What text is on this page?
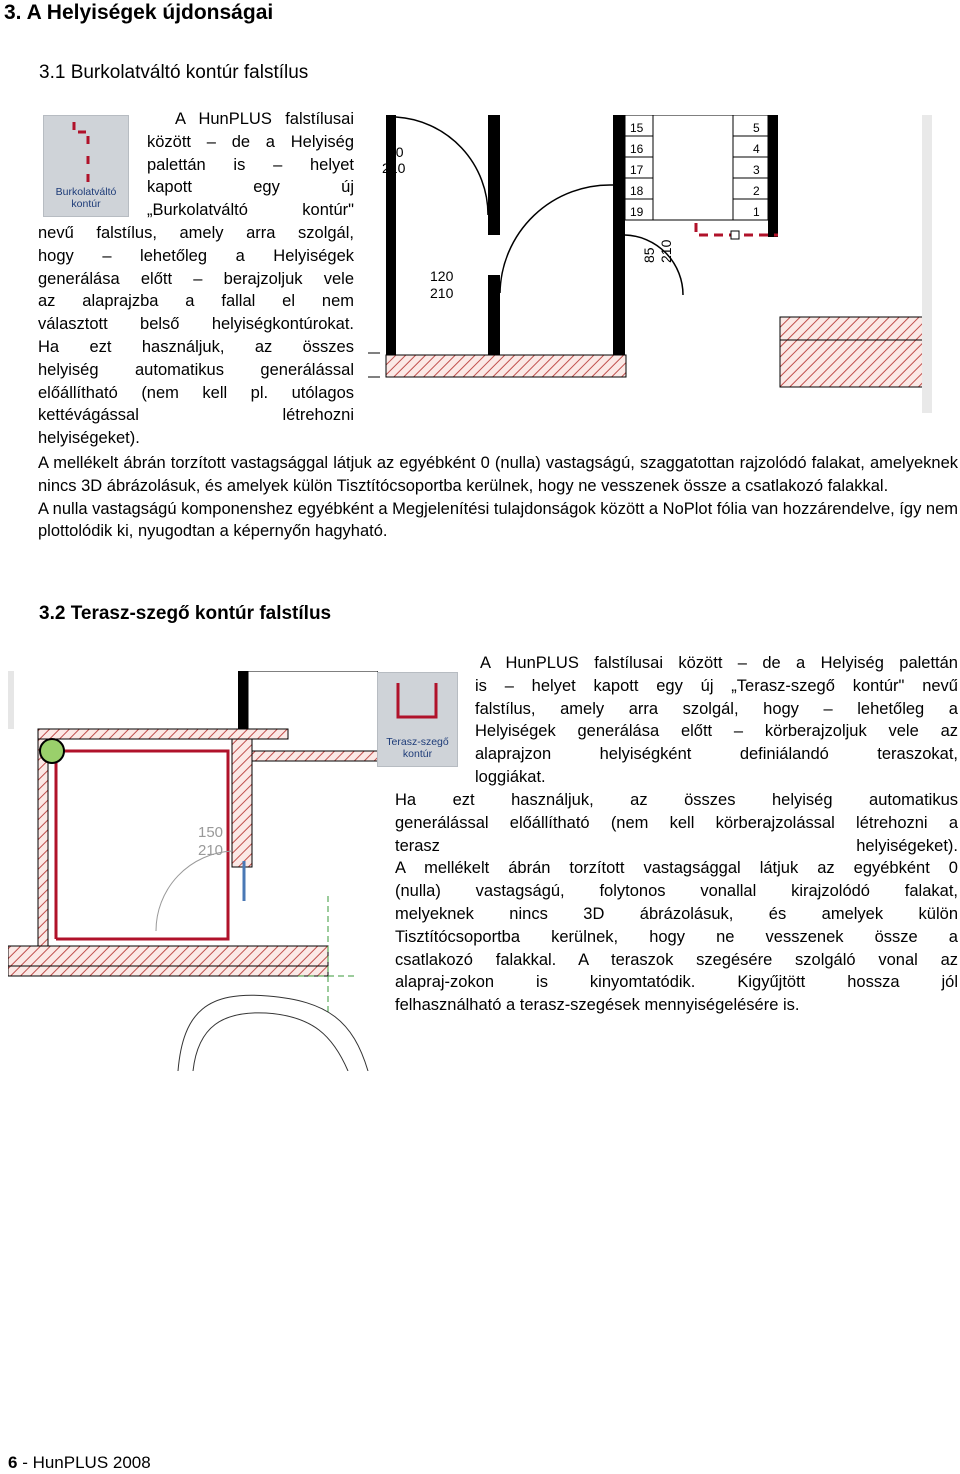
3. A Helyiségek újdonságai
3.1 Burkolatváltó kontúr falstílus
Burkolatváltó
kontúr
A HunPLUS falstílusai
között – de a Helyiség
palettán is – helyet
kapott egy új
„Burkolatváltó kontúr"
nevű falstílus, amely arra szolgál,
hogy – lehetőleg a Helyiségek
generálása előtt – berajzoljuk vele
az alaprajzba a fallal el nem
választott belső helyiségkontúrokat.
Ha ezt használjuk, az összes
helyiség automatikus generálással
előállítható (nem kell pl. utólagos
kettévágással létrehozni
helyiségeket).
15
16
17
18
19
5
4
3
2
1
90
210
120
210
85 210

A mellékelt ábrán torzított vastagsággal látjuk az egyébként 0 (nulla) vastagságú, szaggatottan rajzolódó falakat, amelyeknek nincs 3D ábrázolásuk, és amelyek külön Tisztítócsoportba kerülnek, hogy ne vesszenek össze a csatlakozó falakkal.

A nulla vastagságú komponenshez egyébként a Megjelenítési tulajdonságok között a NoPlot fólia van hozzárendelve, így nem plottolódik ki, nyugodtan a képernyőn hagyható.

3.2 Terasz-szegő kontúr falstílus
150
210
Terasz-szegő
kontúr
A HunPLUS falstílusai között – de a Helyiség palettán
is – helyet kapott egy új „Terasz-szegő kontúr" nevű
falstílus, amely arra szolgál, hogy – lehetőleg a
Helyiségek generálása előtt – körberajzoljuk vele az
alaprajzon helyiségként definiálandó teraszokat,
loggiákat.
Ha ezt használjuk, az összes helyiség automatikus
generálással előállítható (nem kell körberajzolással létrehozni a
terasz helyiségeket).
A mellékelt ábrán torzított vastagsággal látjuk az egyébként 0
(nulla) vastagságú, folytonos vonallal kirajzolódó falakat,
melyeknek nincs 3D ábrázolásuk, és amelyek külön
Tisztítócsoportba kerülnek, hogy ne vesszenek össze a
csatlakozó falakkal. A teraszok szegésére szolgáló vonal az
alapraj-zokon is kinyomtatódik. Kigyűjtött hossza jól
felhasználható a terasz-szegések mennyiségelésére is.
6 - HunPLUS 2008
